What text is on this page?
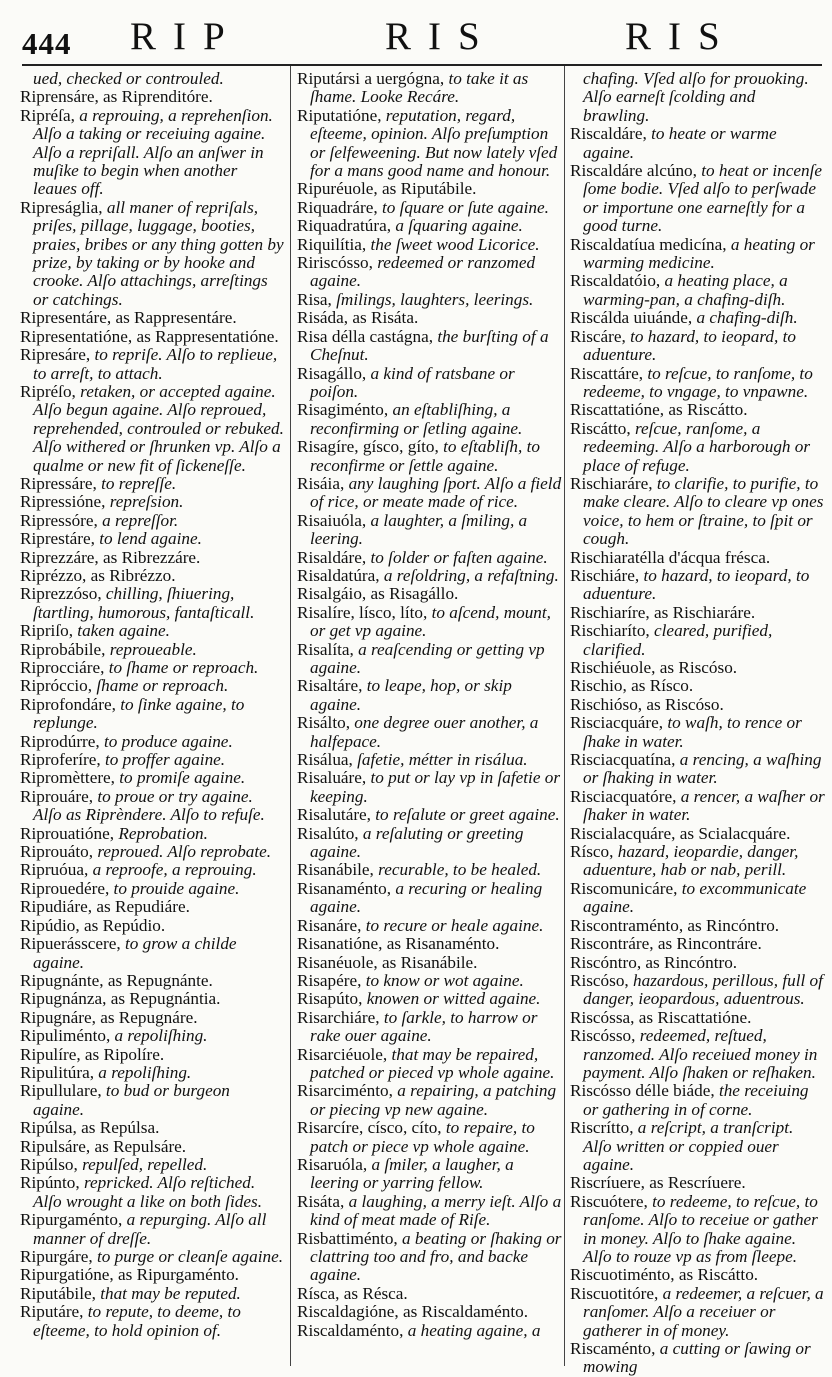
444 RIP	RIS	RIS

ued, checked or controuled.

Riprensáre, as Riprenditóre.

Ripréſa, a reprouing, a reprehenſion. Alſo a taking or receiuing againe. Alſo a repriſall. Alſo an anſwer in muſike to begin when another leaues off.

Ripreságlia, all maner of repriſals, priſes, pillage, luggage, booties, praies, bribes or any thing gotten by prize, by taking or by hooke and crooke. Alſo attachings, arreſtings or catchings.

Ripresentáre, as Rappresentáre.

Ripresentatióne, as Rappresentatióne.

Ripresáre, to repriſe. Alſo to replieue, to arreſt, to attach.

Ripréſo, retaken, or accepted againe. Alſo begun againe. Alſo reproued, reprehended, controuled or rebuked. Alſo withered or ſhrunken vp. Alſo a qualme or new fit of ſickeneſſe.

Ripressáre, to repreſſe.

Ripressióne, repreſsion.

Ripressóre, a repreſſor.

Riprestáre, to lend againe.

Riprezzáre, as Ribrezzáre.

Riprézzo, as Ribrézzo.

Riprezzóso, chilling, ſhiuering, ſtartling, humorous, fantaſticall.

Ripriſo, taken againe.

Riprobábile, reproueable.

Riprocciáre, to ſhame or reproach.

Ripróccio, ſhame or reproach.

Riprofondáre, to ſinke againe, to replunge.

Riprodúrre, to produce againe.

Riproferíre, to proffer againe.

Ripromèttere, to promiſe againe.

Riprouáre, to proue or try againe. Alſo as Riprèndere. Alſo to refuſe.

Riprouatióne, Reprobation.

Riprouáto, reproued. Alſo reprobate.

Ripruóua, a reproofe, a reprouing.

Riprouedére, to prouide againe.

Ripudiáre, as Repudiáre.

Ripúdio, as Repúdio.

Ripuerásscere, to grow a childe againe.

Ripugnánte, as Repugnánte.

Ripugnánza, as Repugnántia.

Ripugnáre, as Repugnáre.

Ripuliménto, a repoliſhing.

Ripulíre, as Ripolíre.

Ripulitúra, a repoliſhing.

Ripullulare, to bud or burgeon againe.

Ripúlsa, as Repúlsa.

Ripulsáre, as Repulsáre.

Ripúlso, repulſed, repelled.

Ripúnto, repricked. Alſo reſtiched. Alſo wrought a like on both ſides.

Ripurgaménto, a repurging. Alſo all manner of dreſſe.

Ripurgáre, to purge or cleanſe againe.

Ripurgatióne, as Ripurgaménto.

Riputábile, that may be reputed.

Riputáre, to repute, to deeme, to eſteeme, to hold opinion of.

Riputársi a uergógna, to take it as ſhame. Looke Recáre.

Riputatióne, reputation, regard, eſteeme, opinion. Alſo preſumption or ſelfeweening. But now lately vſed for a mans good name and honour.

Ripuréuole, as Riputábile.

Riquadráre, to ſquare or ſute againe.

Riquadratúra, a ſquaring againe.

Riquilítia, the ſweet wood Licorice.

Ririscósso, redeemed or ranzomed againe.

Risa, ſmilings, laughters, leerings.

Risáda, as Risáta.

Risa délla castágna, the burſting of a Cheſnut.

Risagállo, a kind of ratsbane or poiſon.

Risagiménto, an eſtabliſhing, a reconfirming or ſetling againe.

Risagíre, gísco, gíto, to eſtabliſh, to reconfirme or ſettle againe.

Risáia, any laughing ſport. Alſo a field of rice, or meate made of rice.

Risaiuóla, a laughter, a ſmiling, a leering.

Risaldáre, to ſolder or faſten againe.

Risaldatúra, a reſoldring, a refaſtning.

Risalgáio, as Risagállo.

Risalíre, lísco, líto, to aſcend, mount, or get vp againe.

Risalíta, a reaſcending or getting vp againe.

Risaltáre, to leape, hop, or skip againe.

Risálto, one degree ouer another, a halfepace.

Risálua, ſafetie, métter in risálua.

Risaluáre, to put or lay vp in ſafetie or keeping.

Risalutáre, to reſalute or greet againe.

Risalúto, a reſaluting or greeting againe.

Risanábile, recurable, to be healed.

Risanaménto, a recuring or healing againe.

Risanáre, to recure or heale againe.

Risanatióne, as Risanaménto.

Risanéuole, as Risanábile.

Risapére, to know or wot againe.

Risapúto, knowen or witted againe.

Risarchiáre, to ſarkle, to harrow or rake ouer againe.

Risarciéuole, that may be repaired, patched or pieced vp whole againe.

Risarciménto, a repairing, a patching or piecing vp new againe.

Risarcíre, císco, cíto, to repaire, to patch or piece vp whole againe.

Risaruóla, a ſmiler, a laugher, a leering or yarring fellow.

Risáta, a laughing, a merry ieſt. Alſo a kind of meat made of Riſe.

Risbattiménto, a beating or ſhaking or clattring too and fro, and backe againe.

Rísca, as Résca.

Riscaldagióne, as Riscaldaménto.

Riscaldaménto, a heating againe, a

chafing. Vſed alſo for prouoking. Alſo earneſt ſcolding and brawling.

Riscaldáre, to heate or warme againe.

Riscaldáre alcúno, to heat or incenſe ſome bodie. Vſed alſo to perſwade or importune one earneſtly for a good turne.

Riscaldatíua medicína, a heating or warming medicine.

Riscaldatóio, a heating place, a warming-pan, a chafing-diſh.

Riscálda uiuánde, a chafing-diſh.

Riscáre, to hazard, to ieopard, to aduenture.

Riscattáre, to reſcue, to ranſome, to redeeme, to vngage, to vnpawne.

Riscattatióne, as Riscátto.

Riscátto, reſcue, ranſome, a redeeming. Alſo a harborough or place of refuge.

Rischiaráre, to clarifie, to purifie, to make cleare. Alſo to cleare vp ones voice, to hem or ſtraine, to ſpit or cough.

Rischiaratélla d'ácqua frésca.

Rischiáre, to hazard, to ieopard, to aduenture.

Rischiaríre, as Rischiaráre.

Rischiaríto, cleared, purified, clarified.

Rischiéuole, as Riscóso.

Rischio, as Rísco.

Rischióso, as Riscóso.

Risciacquáre, to waſh, to rence or ſhake in water.

Risciacquatína, a rencing, a waſhing or ſhaking in water.

Risciacquatóre, a rencer, a waſher or ſhaker in water.

Riscialacquáre, as Scialacquáre.

Rísco, hazard, ieopardie, danger, aduenture, hab or nab, perill.

Riscomunicáre, to excommunicate againe.

Riscontraménto, as Rincóntro.

Riscontráre, as Rincontráre.

Riscóntro, as Rincóntro.

Riscóso, hazardous, perillous, full of danger, ieopardous, aduentrous.

Riscóssa, as Riscattatióne.

Riscósso, redeemed, reſtued, ranzomed. Alſo receiued money in payment. Alſo ſhaken or reſhaken.

Riscósso délle biáde, the receiuing or gathering in of corne.

Riscrítto, a reſcript, a tranſcript. Alſo written or coppied ouer againe.

Riscríuere, as Rescríuere.

Riscuótere, to redeeme, to reſcue, to ranſome. Alſo to receiue or gather in money. Alſo to ſhake againe. Alſo to rouze vp as from ſleepe.

Riscuotiménto, as Riscátto.

Riscuotitóre, a redeemer, a reſcuer, a ranſomer. Alſo a receiuer or gatherer in of money.

Riscaménto, a cutting or ſawing or mowing
